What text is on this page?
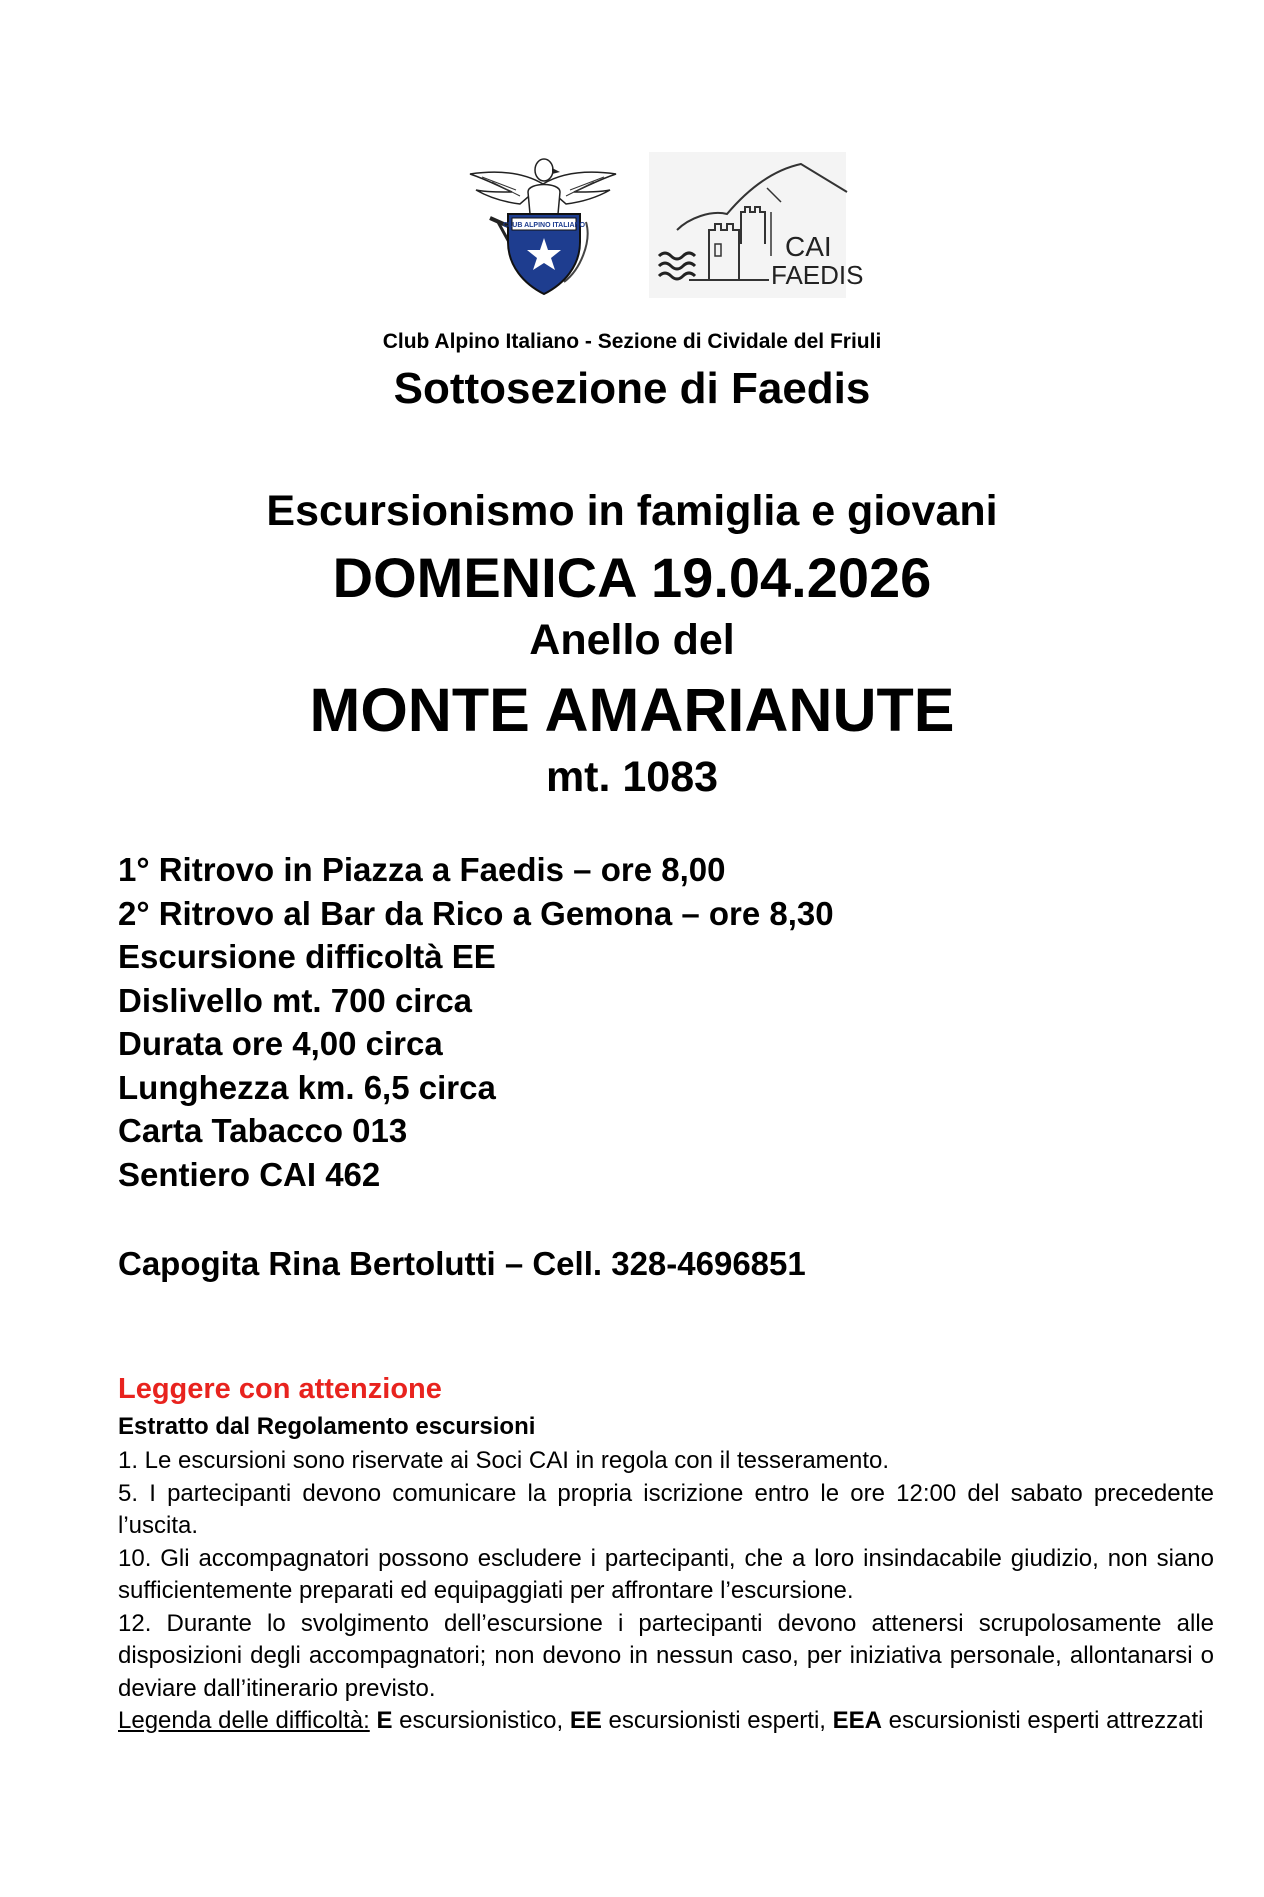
CLUB ALPINO ITALIANO
CAI
FAEDIS
Club Alpino Italiano - Sezione di Cividale del Friuli
Sottosezione di Faedis
Escursionismo in famiglia e giovani
DOMENICA 19.04.2026
Anello del
MONTE AMARIANUTE
mt. 1083
1° Ritrovo in Piazza a Faedis – ore 8,00
2° Ritrovo al Bar da Rico a Gemona – ore 8,30
Escursione difficoltà EE
Dislivello mt. 700 circa
Durata ore 4,00 circa
Lunghezza km. 6,5 circa
Carta Tabacco 013
Sentiero CAI 462
Capogita Rina Bertolutti – Cell. 328-4696851
Leggere con attenzione
Estratto dal Regolamento escursioni

1. Le escursioni sono riservate ai Soci CAI in regola con il tesseramento.

5. I partecipanti devono comunicare la propria iscrizione entro le ore 12:00 del sabato precedente l’uscita.

10. Gli accompagnatori possono escludere i partecipanti, che a loro insindacabile giudizio, non siano sufficientemente preparati ed equipaggiati per affrontare l’escursione.

12. Durante lo svolgimento dell’escursione i partecipanti devono attenersi scrupolosamente alle disposizioni degli accompagnatori; non devono in nessun caso, per iniziativa personale, allontanarsi o deviare dall’itinerario previsto.

Legenda delle difficoltà: E escursionistico, EE escursionisti esperti, EEA escursionisti esperti attrezzati
